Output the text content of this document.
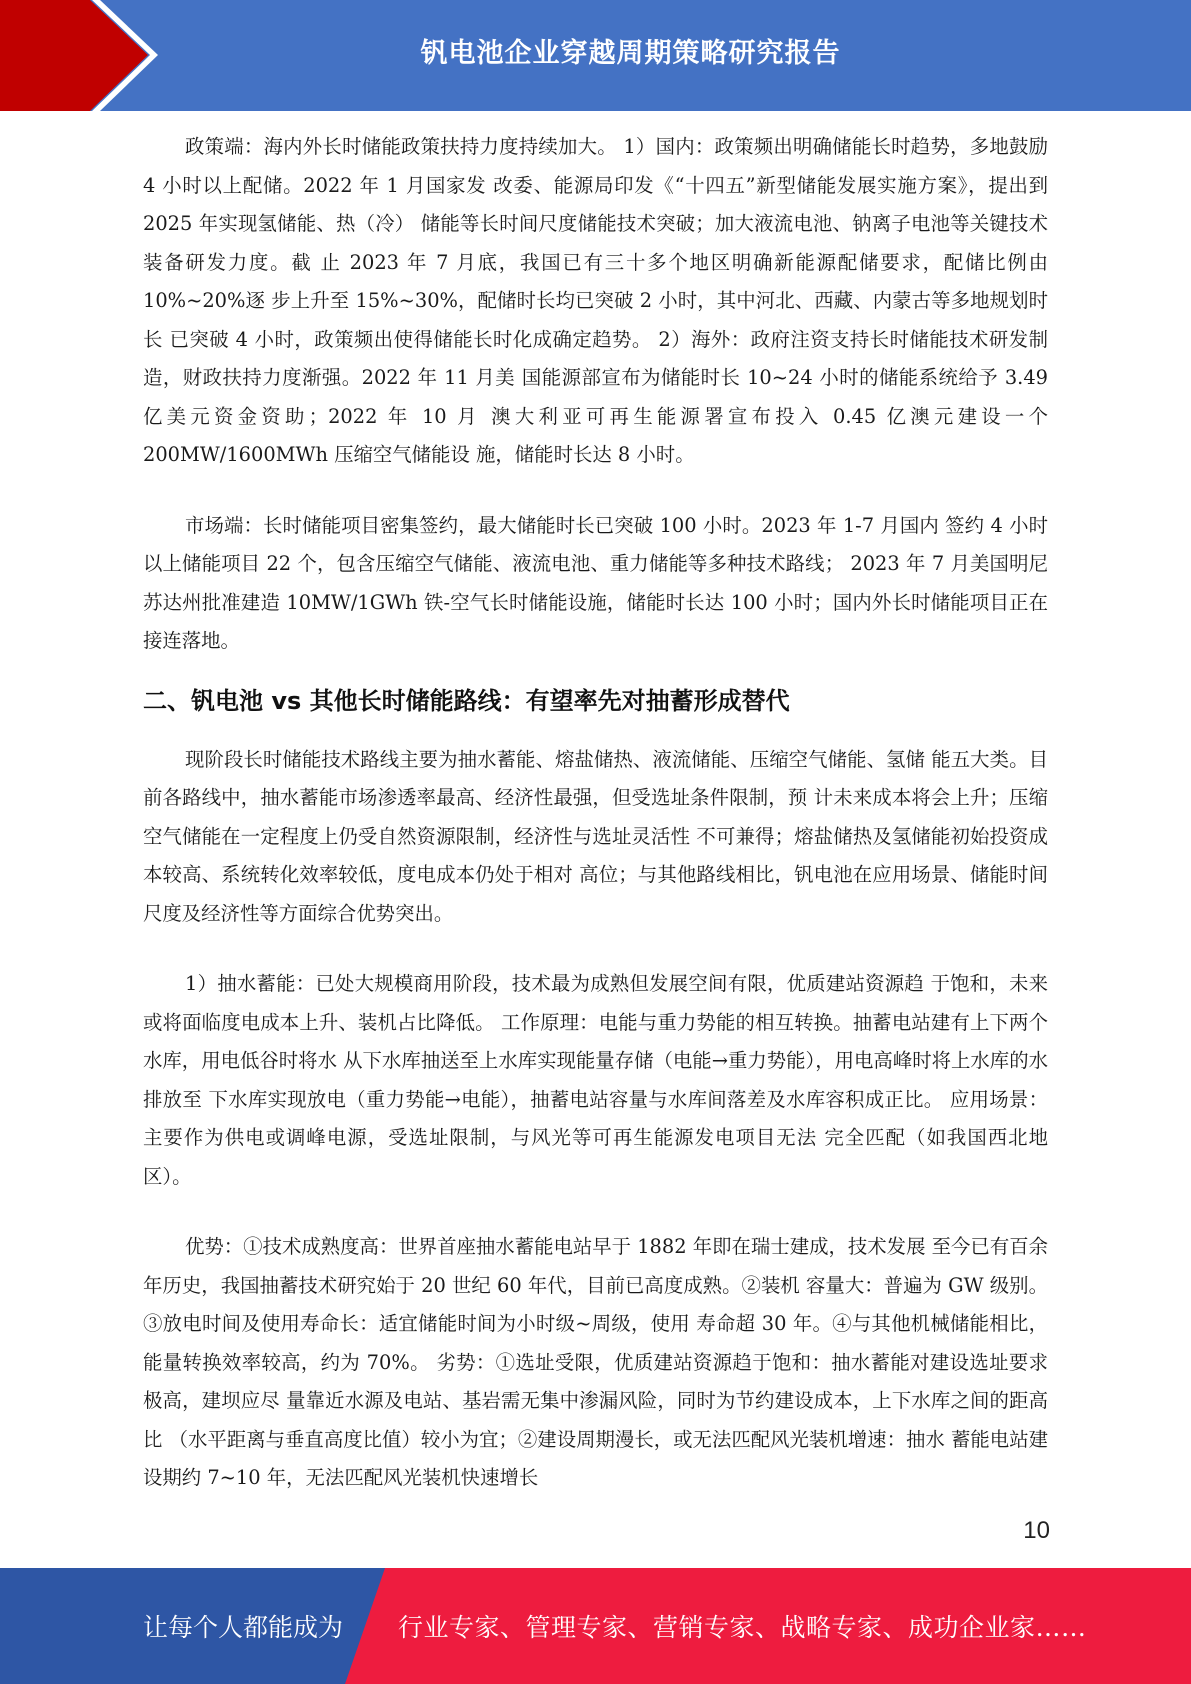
钒电池企业穿越周期策略研究报告

政策端：海内外长时储能政策扶持力度持续加大。 1）国内：政策频出明确储能长时趋势，多地鼓励 4 小时以上配储。2022 年 1 月国家发 改委、能源局印发《“十四五”新型储能发展实施方案》，提出到 2025 年实现氢储能、热（冷） 储能等长时间尺度储能技术突破；加大液流电池、钠离子电池等关键技术装备研发力度。截 止 2023 年 7 月底，我国已有三十多个地区明确新能源配储要求，配储比例由 10%~20%逐 步上升至 15%~30%，配储时长均已突破 2 小时，其中河北、西藏、内蒙古等多地规划时长 已突破 4 小时，政策频出使得储能长时化成确定趋势。 2）海外：政府注资支持长时储能技术研发制造，财政扶持力度渐强。2022 年 11 月美 国能源部宣布为储能时长 10~24 小时的储能系统给予 3.49 亿美元资金资助；2022 年 10 月 澳大利亚可再生能源署宣布投入 0.45 亿澳元建设一个 200MW/1600MWh 压缩空气储能设 施，储能时长达 8 小时。

市场端：长时储能项目密集签约，最大储能时长已突破 100 小时。2023 年 1-7 月国内 签约 4 小时以上储能项目 22 个，包含压缩空气储能、液流电池、重力储能等多种技术路线； 2023 年 7 月美国明尼苏达州批准建造 10MW/1GWh 铁-空气长时储能设施，储能时长达 100 小时；国内外长时储能项目正在接连落地。

二、钒电池 vs 其他长时储能路线：有望率先对抽蓄形成替代

现阶段长时储能技术路线主要为抽水蓄能、熔盐储热、液流储能、压缩空气储能、氢储 能五大类。目前各路线中，抽水蓄能市场渗透率最高、经济性最强，但受选址条件限制，预 计未来成本将会上升；压缩空气储能在一定程度上仍受自然资源限制，经济性与选址灵活性 不可兼得；熔盐储热及氢储能初始投资成本较高、系统转化效率较低，度电成本仍处于相对 高位；与其他路线相比，钒电池在应用场景、储能时间尺度及经济性等方面综合优势突出。

1）抽水蓄能：已处大规模商用阶段，技术最为成熟但发展空间有限，优质建站资源趋 于饱和，未来或将面临度电成本上升、装机占比降低。 工作原理：电能与重力势能的相互转换。抽蓄电站建有上下两个水库，用电低谷时将水 从下水库抽送至上水库实现能量存储（电能→重力势能），用电高峰时将上水库的水排放至 下水库实现放电（重力势能→电能），抽蓄电站容量与水库间落差及水库容积成正比。 应用场景：主要作为供电或调峰电源，受选址限制，与风光等可再生能源发电项目无法 完全匹配（如我国西北地区）。

优势：①技术成熟度高：世界首座抽水蓄能电站早于 1882 年即在瑞士建成，技术发展 至今已有百余年历史，我国抽蓄技术研究始于 20 世纪 60 年代，目前已高度成熟。②装机 容量大：普遍为 GW 级别。③放电时间及使用寿命长：适宜储能时间为小时级~周级，使用 寿命超 30 年。④与其他机械储能相比，能量转换效率较高，约为 70%。 劣势：①选址受限，优质建站资源趋于饱和：抽水蓄能对建设选址要求极高，建坝应尽 量靠近水源及电站、基岩需无集中渗漏风险，同时为节约建设成本，上下水库之间的距高比 （水平距离与垂直高度比值）较小为宜；②建设周期漫长，或无法匹配风光装机增速：抽水 蓄能电站建设期约 7~10 年，无法匹配风光装机快速增长

10
让每个人都能成为 行业专家、管理专家、营销专家、战略专家、成功企业家……
